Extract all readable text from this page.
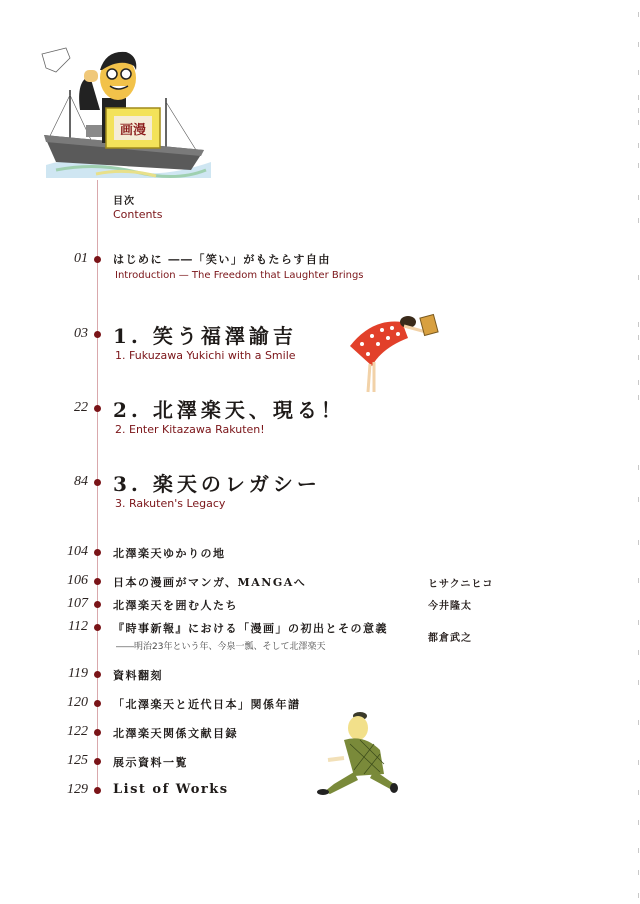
画漫
目次
Contents
01 はじめに ――「笑い」がもたらす自由
Introduction — The Freedom that Laughter Brings
03 1. 笑う福澤諭吉
1. Fukuzawa Yukichi with a Smile
22 2. 北澤楽天、現る！
2. Enter Kitazawa Rakuten!
84 3. 楽天のレガシー
3. Rakuten's Legacy
104 北澤楽天ゆかりの地
106 日本の漫画がマンガ、MANGAへ	ヒサクニヒコ
107 北澤楽天を囲む人たち	今井隆太
112 『時事新報』における「漫画」の初出とその意義
――明治23年という年、今泉一瓢、そして北澤楽天
都倉武之
119 資料翻刻
120 「北澤楽天と近代日本」関係年譜
122 北澤楽天関係文献目録
125 展示資料一覧
129 List of Works
